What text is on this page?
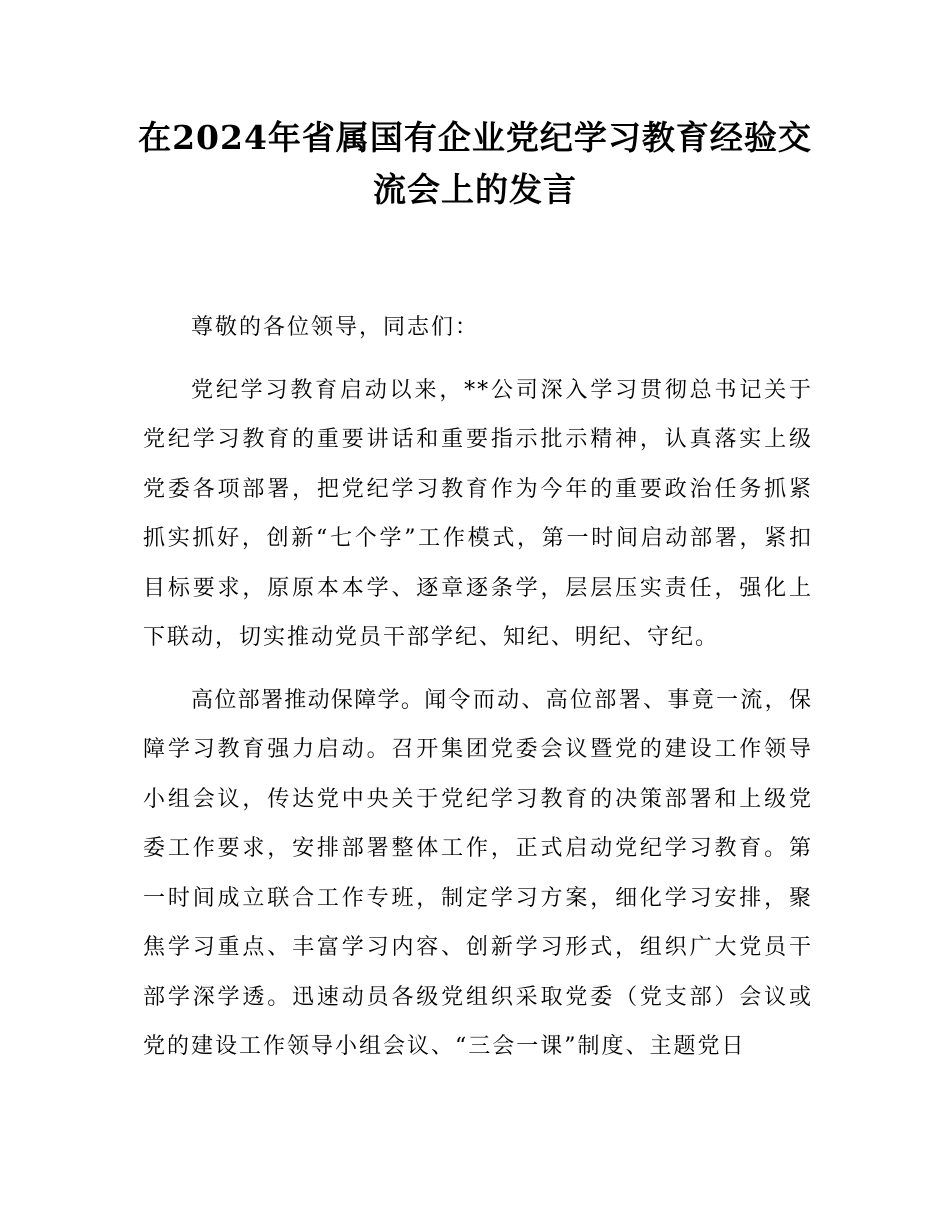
在2024年省属国有企业党纪学习教育经验交
流会上的发言

尊敬的各位领导，同志们：

党纪学习教育启动以来，**公司深入学习贯彻总书记关于党纪学习教育的重要讲话和重要指示批示精神，认真落实上级党委各项部署，把党纪学习教育作为今年的重要政治任务抓紧抓实抓好，创新“七个学”工作模式，第一时间启动部署，紧扣目标要求，原原本本学、逐章逐条学，层层压实责任，强化上下联动，切实推动党员干部学纪、知纪、明纪、守纪。

高位部署推动保障学。闻令而动、高位部署、事竟一流，保障学习教育强力启动。召开集团党委会议暨党的建设工作领导小组会议，传达党中央关于党纪学习教育的决策部署和上级党委工作要求，安排部署整体工作，正式启动党纪学习教育。第一时间成立联合工作专班，制定学习方案，细化学习安排，聚焦学习重点、丰富学习内容、创新学习形式，组织广大党员干部学深学透。迅速动员各级党组织采取党委（党支部）会议或党的建设工作领导小组会议、“三会一课”制度、主题党日
